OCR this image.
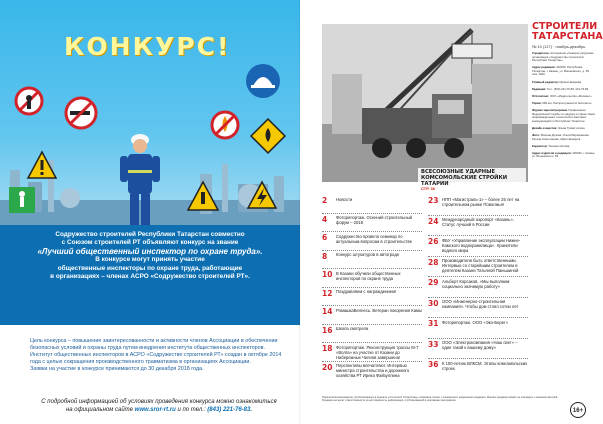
КОНКУРС!
Содружество строителей Республики Татарстан совместно
с Союзом строителей РТ объявляют конкурс на звание
«Лучший общественный инспектор по охране труда».
В конкурсе могут принять участие
общественные инспекторы по охране труда, работающие
в организациях – членах АСРО «Содружество строителей РТ».
Цель конкурса – повышение заинтересованности и активности членов Ассоциации в обеспечении безопасных условий и охраны труда путем внедрения института общественных инспекторов.
Институт общественных инспекторов в АСРО «Содружество строителей РТ» создан в октябре 2014 года с целью сокращения производственного травматизма в организациях Ассоциации.
Заявки на участие в конкурсе принимаются до 30 декабря 2018 года.
С подробной информацией об условиях проведения конкурса можно ознакомиться
на официальном сайте www.sror-rt.ru и по тел.: (843) 221-76-83.
ВСЕСОЮЗНЫЕ УДАРНЫЕ КОМСОМОЛЬСКИЕ СТРОЙКИ ТАТАРИИ
СТР. 36
СТРОИТЕЛИ
ТАТАРСТАНА
№ 10 (117) · ноябрь-декабрь
Учредитель: Ассоциация «Саморегулируемая организация «Содружество строителей Республики Татарстан»
Адрес редакции: 420043, Республика Татарстан, г. Казань, ул. Вишневского, д. 59, пом. 1000
Главный редактор: Ирина Назарова
Редакция: Тел.: (843) 221-76-83, 221-76-89
Отпечатано: ООО «Издательство «Фолиант»
Тираж: 999 экз. Распространяется бесплатно
Журнал зарегистрирован Управлением Федеральной службы по надзору в сфере связи, информационных технологий и массовых коммуникаций по Республике Татарстан
Дизайн и верстка: Элина Тухватуллина
Фото: Марина Дулова, Ольга Мирзаханова, Регина Ахметзянова, Айрат Шакиров
Корректор: Татьяна Орлова
Адрес издателя и редакции: 420043, г. Казань, ул. Вишневского, 59
2 Новости
4 Фоторепортаж. Осенний строительный форум – 2018
6 Содружество провело семинар по актуальным вопросам в строительстве
8 Конкурс штукатуров в автограде
10 В Казани обучили общественных инспекторов по охране труда
12 Поздравляем с награждением!
14 РомашкаВелнесь. Ветеран покорения Камы
16 Школа смотрела
18 Фоторепортаж. Реконструкция трассы М-7 «Волга» на участке от Казани до Набережных Челнов завершена!
20 Перспективы впечатляют. Интервью министра строительства и дорожного хозяйства РТ Ирека Файзуллина
23 НПП «Магистраль-1» – более 25 лет на строительном рынке Поволжья!
24 Международный аэропорт «Казань». Статус лучший в России
26 ФБУ «Управление эксплуатации Нижне-Камского водохранилища». Хранители водного мира
28 Производители быть ответственными. Интервью со старейшим строителем и деятелем Казани Татьяной Паньшиной
29 Альберт Корсаков. «Мы выполним социально значимую работу»
30 ООО «Инженерно-строительная компания». Чтобы дом стоял сотни лет
31 Фоторепортаж. ООО «Эко-Берег»
33 ООО «Электрокомпания «Наш свет» – один такой к вашему дому»
36 К 100-летию ВЛКСМ. Этапы комсомольских строек
Перепечатка материалов, опубликованных в журнале «Строители Татарстана», возможна только с письменного разрешения редакции. Мнение редакции может не совпадать с мнением авторов. Редакция не несет ответственности за достоверность информации, опубликованной в рекламных материалах.
16+
